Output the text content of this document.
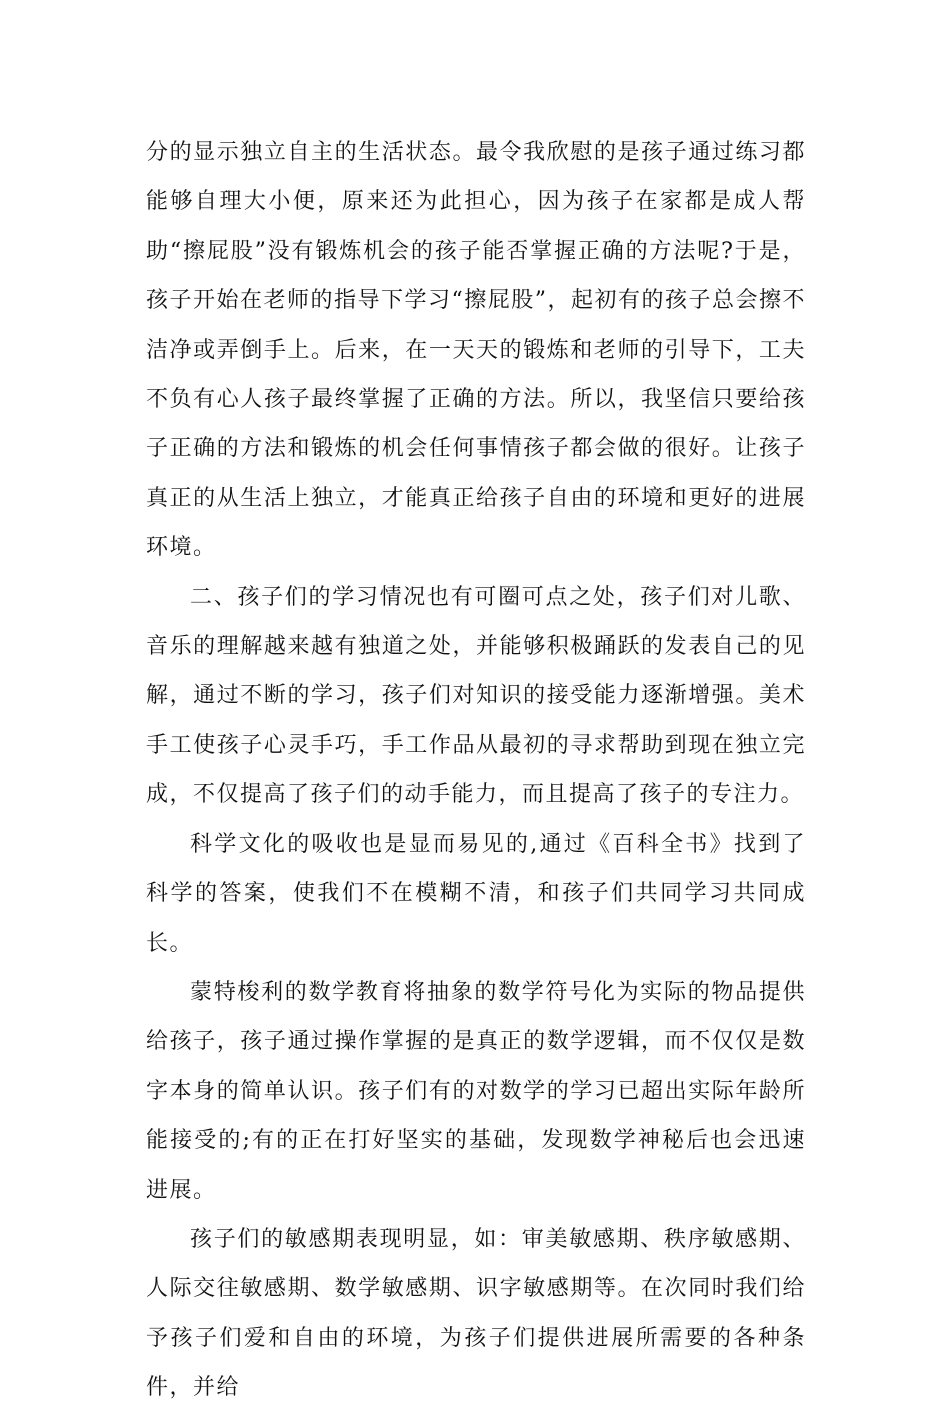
分的显示独立自主的生活状态。最令我欣慰的是孩子通过练习都能够自理大小便，原来还为此担心，因为孩子在家都是成人帮助“擦屁股”没有锻炼机会的孩子能否掌握正确的方法呢?于是，孩子开始在老师的指导下学习“擦屁股”，起初有的孩子总会擦不洁净或弄倒手上。后来，在一天天的锻炼和老师的引导下，工夫不负有心人孩子最终掌握了正确的方法。所以，我坚信只要给孩子正确的方法和锻炼的机会任何事情孩子都会做的很好。让孩子真正的从生活上独立，才能真正给孩子自由的环境和更好的进展环境。

二、孩子们的学习情况也有可圈可点之处，孩子们对儿歌、音乐的理解越来越有独道之处，并能够积极踊跃的发表自己的见解，通过不断的学习，孩子们对知识的接受能力逐渐增强。美术手工使孩子心灵手巧，手工作品从最初的寻求帮助到现在独立完成，不仅提高了孩子们的动手能力，而且提高了孩子的专注力。

科学文化的吸收也是显而易见的,通过《百科全书》找到了科学的答案，使我们不在模糊不清，和孩子们共同学习共同成长。

蒙特梭利的数学教育将抽象的数学符号化为实际的物品提供给孩子，孩子通过操作掌握的是真正的数学逻辑，而不仅仅是数字本身的简单认识。孩子们有的对数学的学习已超出实际年龄所能接受的;有的正在打好坚实的基础，发现数学神秘后也会迅速进展。

孩子们的敏感期表现明显，如：审美敏感期、秩序敏感期、人际交往敏感期、数学敏感期、识字敏感期等。在次同时我们给予孩子们爱和自由的环境，为孩子们提供进展所需要的各种条件，并给
